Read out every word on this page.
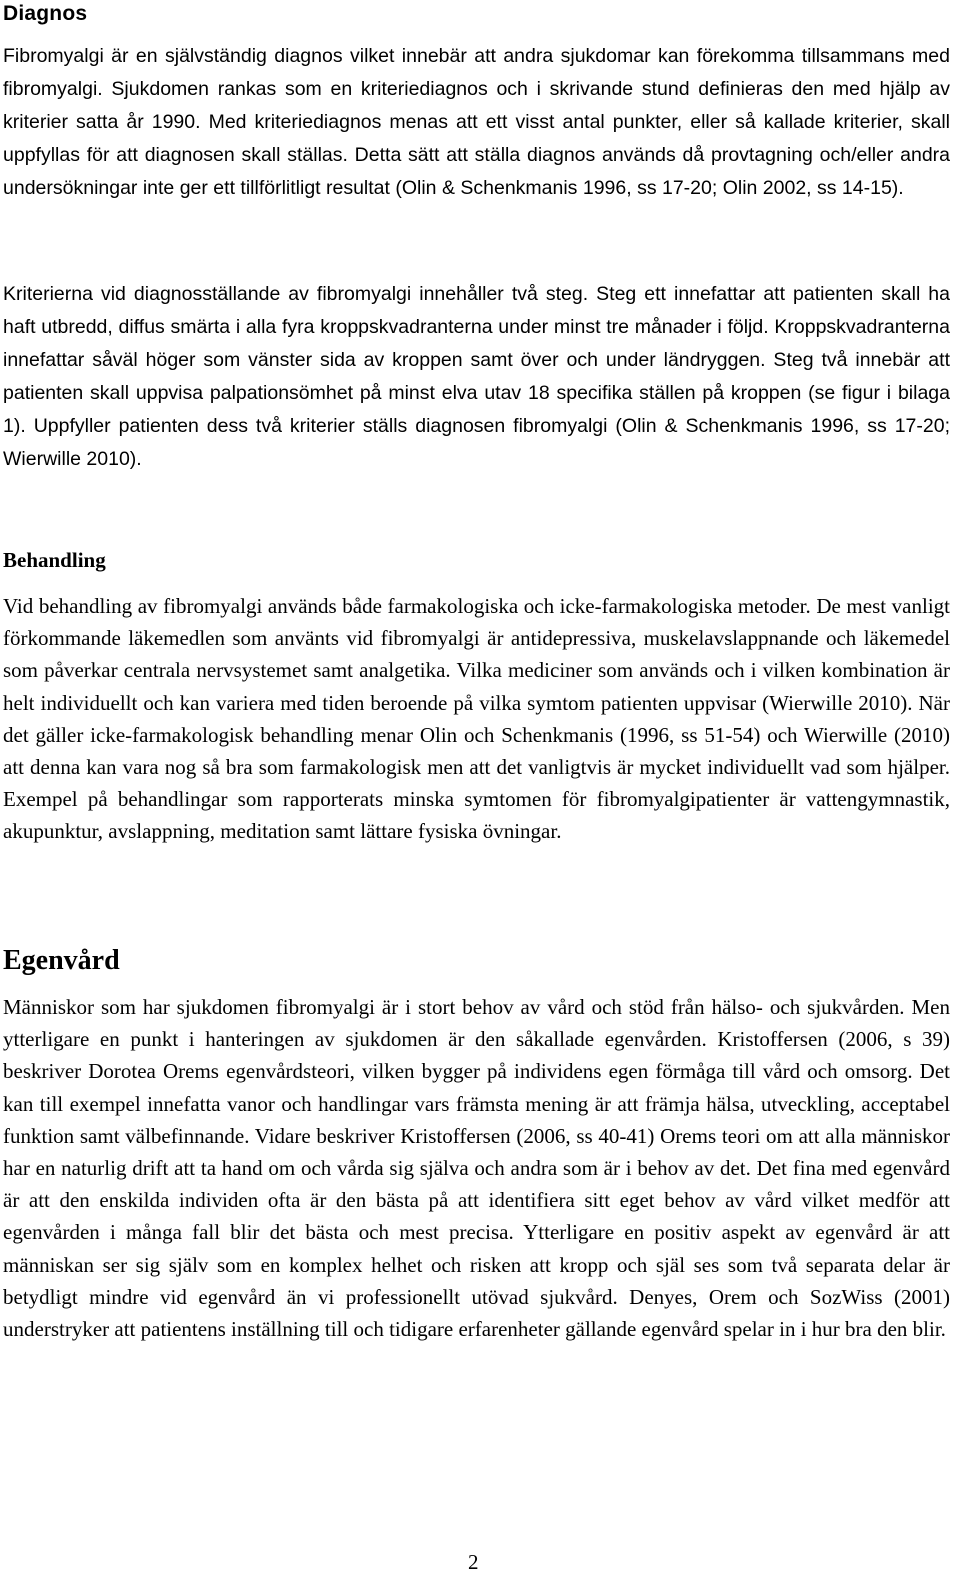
Diagnos

Fibromyalgi är en självständig diagnos vilket innebär att andra sjukdomar kan förekomma tillsammans med fibromyalgi. Sjukdomen rankas som en kriteriediagnos och i skrivande stund definieras den med hjälp av kriterier satta år 1990. Med kriteriediagnos menas att ett visst antal punkter, eller så kallade kriterier, skall uppfyllas för att diagnosen skall ställas. Detta sätt att ställa diagnos används då provtagning och/eller andra undersökningar inte ger ett tillförlitligt resultat (Olin & Schenkmanis 1996, ss 17-20; Olin 2002, ss 14-15).

Kriterierna vid diagnosställande av fibromyalgi innehåller två steg. Steg ett innefattar att patienten skall ha haft utbredd, diffus smärta i alla fyra kroppskvadranterna under minst tre månader i följd. Kroppskvadranterna innefattar såväl höger som vänster sida av kroppen samt över och under ländryggen. Steg två innebär att patienten skall uppvisa palpationsömhet på minst elva utav 18 specifika ställen på kroppen (se figur i bilaga 1). Uppfyller patienten dess två kriterier ställs diagnosen fibromyalgi (Olin & Schenkmanis 1996, ss 17-20; Wierwille 2010).

Behandling

Vid behandling av fibromyalgi används både farmakologiska och icke-farmakologiska metoder. De mest vanligt förkommande läkemedlen som använts vid fibromyalgi är antidepressiva, muskelavslappnande och läkemedel som påverkar centrala nervsystemet samt analgetika. Vilka mediciner som används och i vilken kombination är helt individuellt och kan variera med tiden beroende på vilka symtom patienten uppvisar (Wierwille 2010). När det gäller icke-farmakologisk behandling menar Olin och Schenkmanis (1996, ss 51-54) och Wierwille (2010) att denna kan vara nog så bra som farmakologisk men att det vanligtvis är mycket individuellt vad som hjälper. Exempel på behandlingar som rapporterats minska symtomen för fibromyalgipatienter är vattengymnastik, akupunktur, avslappning, meditation samt lättare fysiska övningar.

Egenvård

Människor som har sjukdomen fibromyalgi är i stort behov av vård och stöd från hälso- och sjukvården. Men ytterligare en punkt i hanteringen av sjukdomen är den såkallade egenvården. Kristoffersen (2006, s 39) beskriver Dorotea Orems egenvårdsteori, vilken bygger på individens egen förmåga till vård och omsorg. Det kan till exempel innefatta vanor och handlingar vars främsta mening är att främja hälsa, utveckling, acceptabel funktion samt välbefinnande. Vidare beskriver Kristoffersen (2006, ss 40-41) Orems teori om att alla människor har en naturlig drift att ta hand om och vårda sig själva och andra som är i behov av det. Det fina med egenvård är att den enskilda individen ofta är den bästa på att identifiera sitt eget behov av vård vilket medför att egenvården i många fall blir det bästa och mest precisa. Ytterligare en positiv aspekt av egenvård är att människan ser sig själv som en komplex helhet och risken att kropp och själ ses som två separata delar är betydligt mindre vid egenvård än vi professionellt utövad sjukvård. Denyes, Orem och SozWiss (2001) understryker att patientens inställning till och tidigare erfarenheter gällande egenvård spelar in i hur bra den blir.

2
